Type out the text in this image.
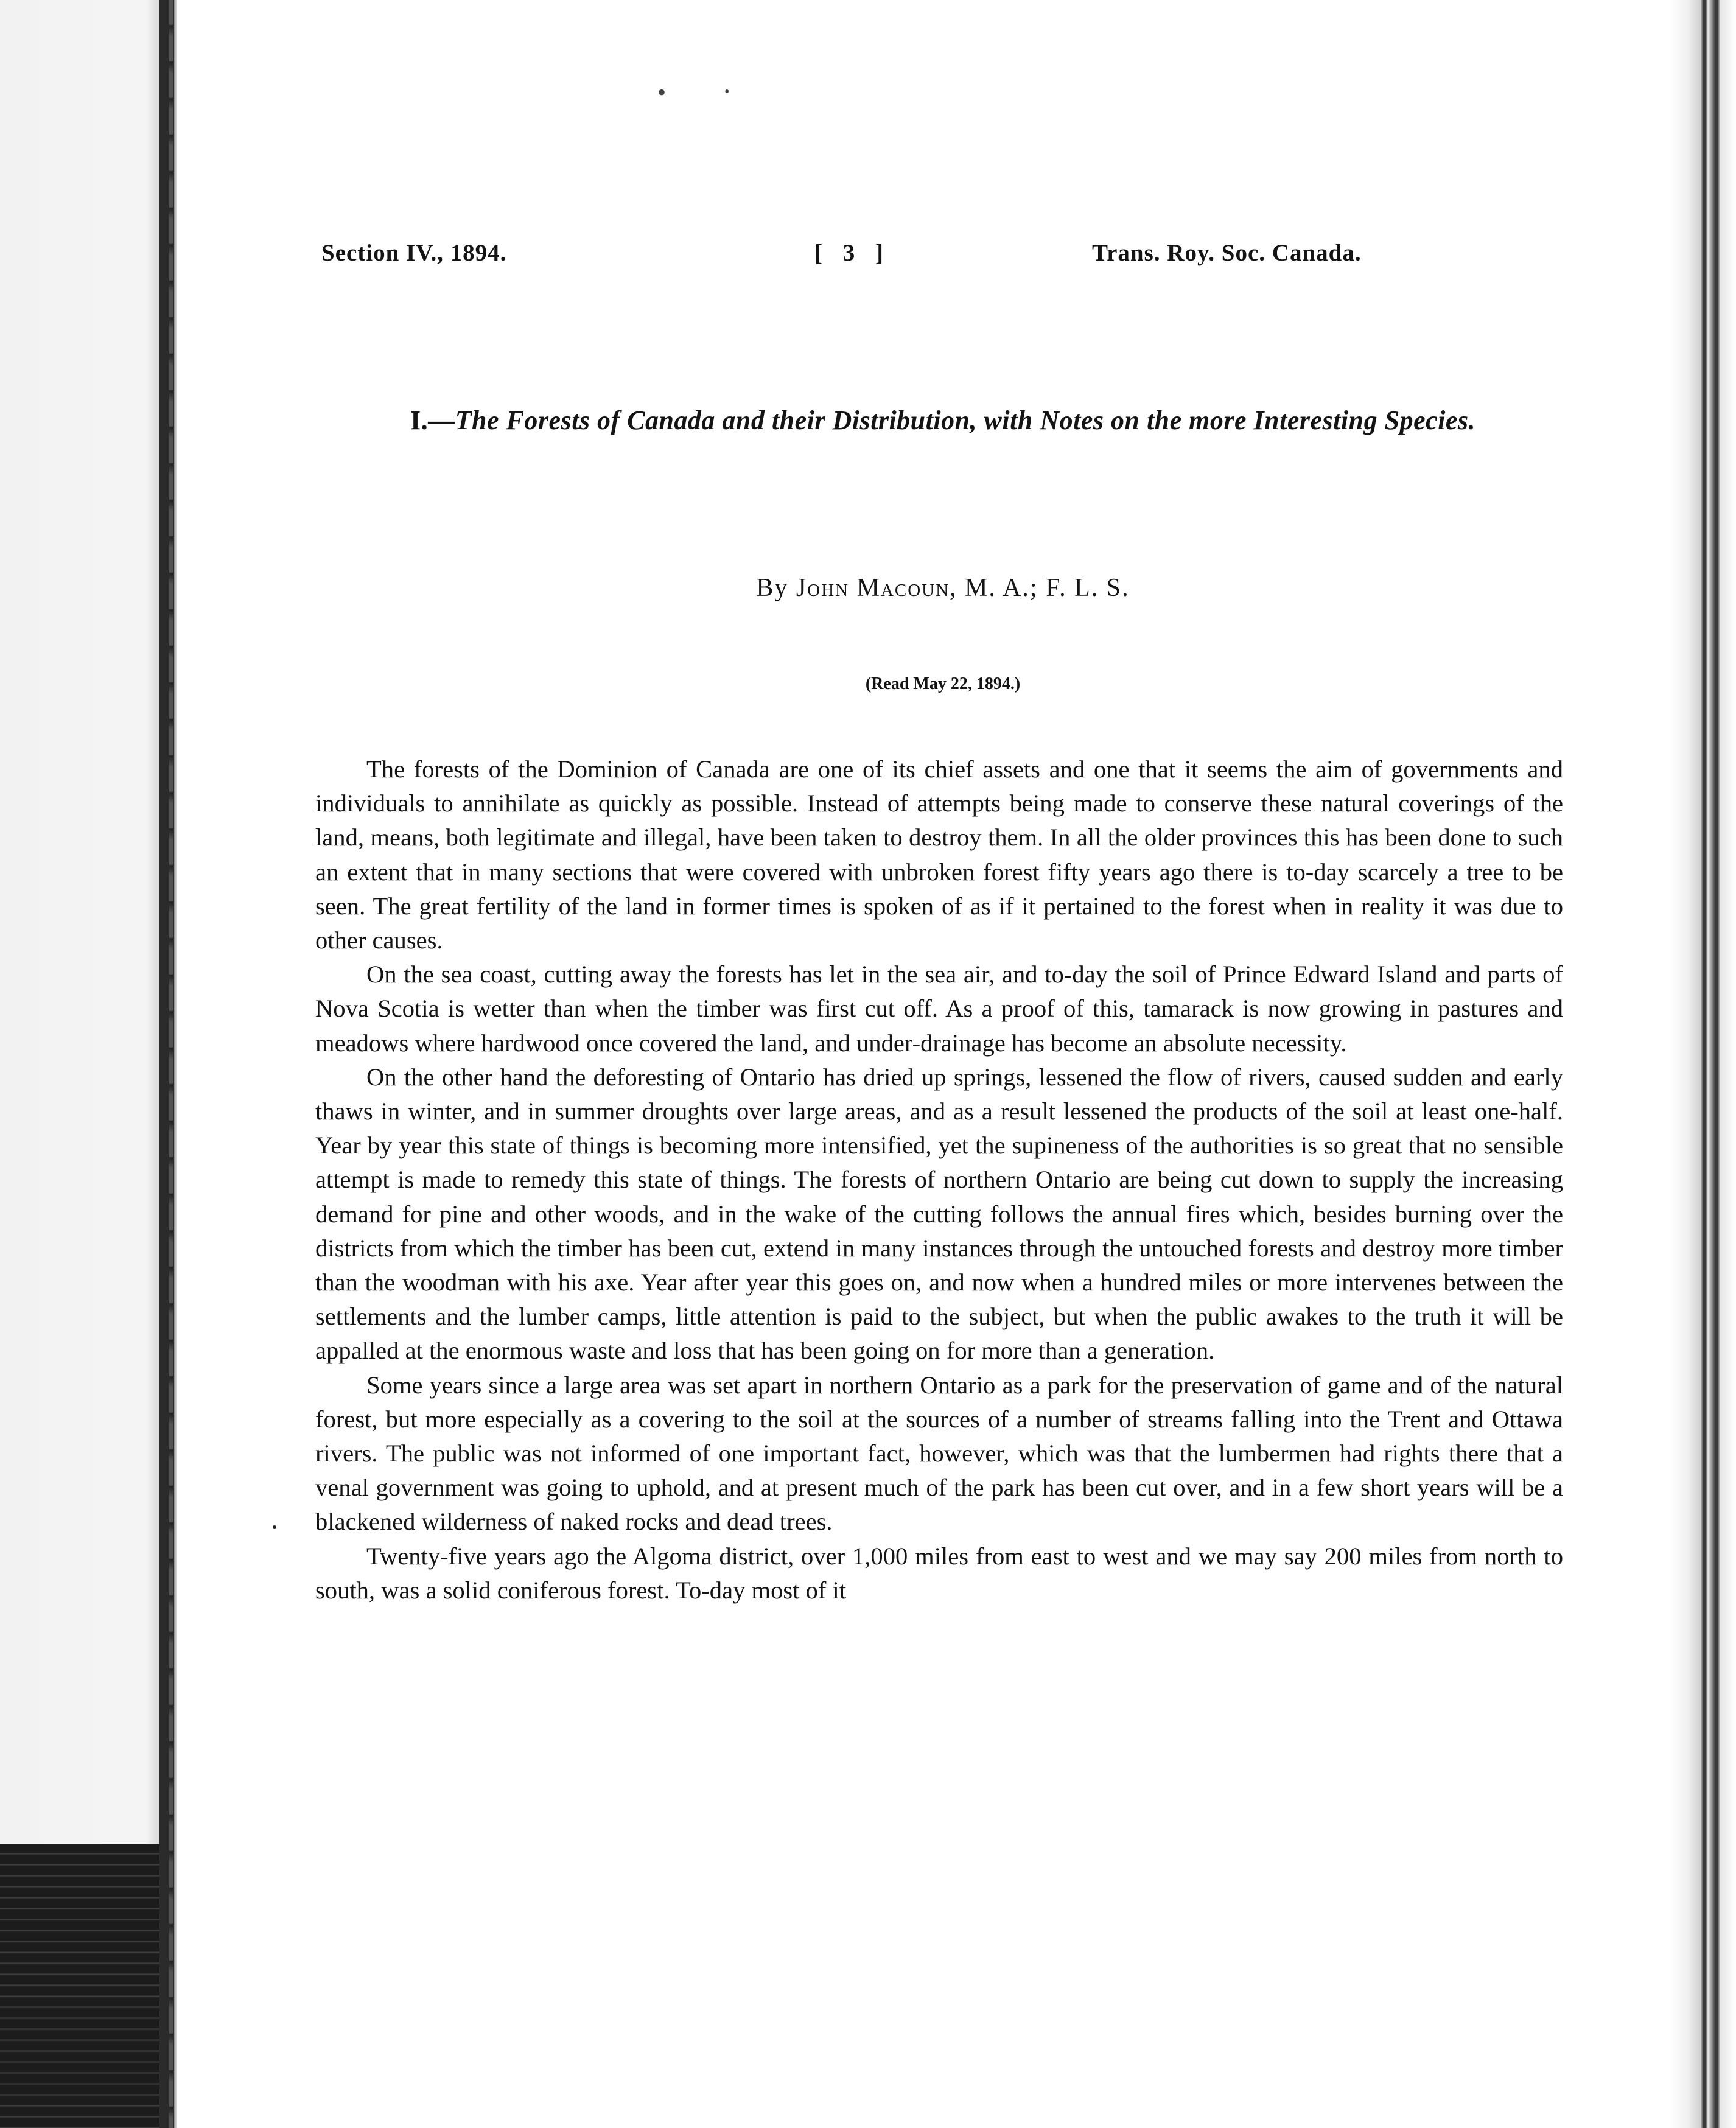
•	•
Section IV., 1894.	[ 3 ]	Trans. Roy. Soc. Canada.
I.—The Forests of Canada and their Distribution, with Notes on the more Interesting Species.
By John Macoun, M. A.; F. L. S.
(Read May 22, 1894.)

The forests of the Dominion of Canada are one of its chief assets and one that it seems the aim of governments and individuals to annihilate as quickly as possible. Instead of attempts being made to conserve these natural coverings of the land, means, both legitimate and illegal, have been taken to destroy them. In all the older provinces this has been done to such an extent that in many sections that were covered with unbroken forest fifty years ago there is to-day scarcely a tree to be seen. The great fertility of the land in former times is spoken of as if it pertained to the forest when in reality it was due to other causes.

On the sea coast, cutting away the forests has let in the sea air, and to-day the soil of Prince Edward Island and parts of Nova Scotia is wetter than when the timber was first cut off. As a proof of this, tamarack is now growing in pastures and meadows where hardwood once covered the land, and under-drainage has become an absolute necessity.

On the other hand the deforesting of Ontario has dried up springs, lessened the flow of rivers, caused sudden and early thaws in winter, and in summer droughts over large areas, and as a result lessened the products of the soil at least one-half. Year by year this state of things is becoming more intensified, yet the supineness of the authorities is so great that no sensible attempt is made to remedy this state of things. The forests of northern Ontario are being cut down to supply the increasing demand for pine and other woods, and in the wake of the cutting follows the annual fires which, besides burning over the districts from which the timber has been cut, extend in many instances through the untouched forests and destroy more timber than the woodman with his axe. Year after year this goes on, and now when a hundred miles or more intervenes between the settlements and the lumber camps, little attention is paid to the subject, but when the public awakes to the truth it will be appalled at the enormous waste and loss that has been going on for more than a generation.

Some years since a large area was set apart in northern Ontario as a park for the preservation of game and of the natural forest, but more especially as a covering to the soil at the sources of a number of streams falling into the Trent and Ottawa rivers. The public was not informed of one important fact, however, which was that the lumbermen had rights there that a venal government was going to uphold, and at present much of the park has been cut over, and in a few short years will be a blackened wilderness of naked rocks and dead trees.

Twenty-five years ago the Algoma district, over 1,000 miles from east to west and we may say 200 miles from north to south, was a solid coniferous forest. To-day most of it
